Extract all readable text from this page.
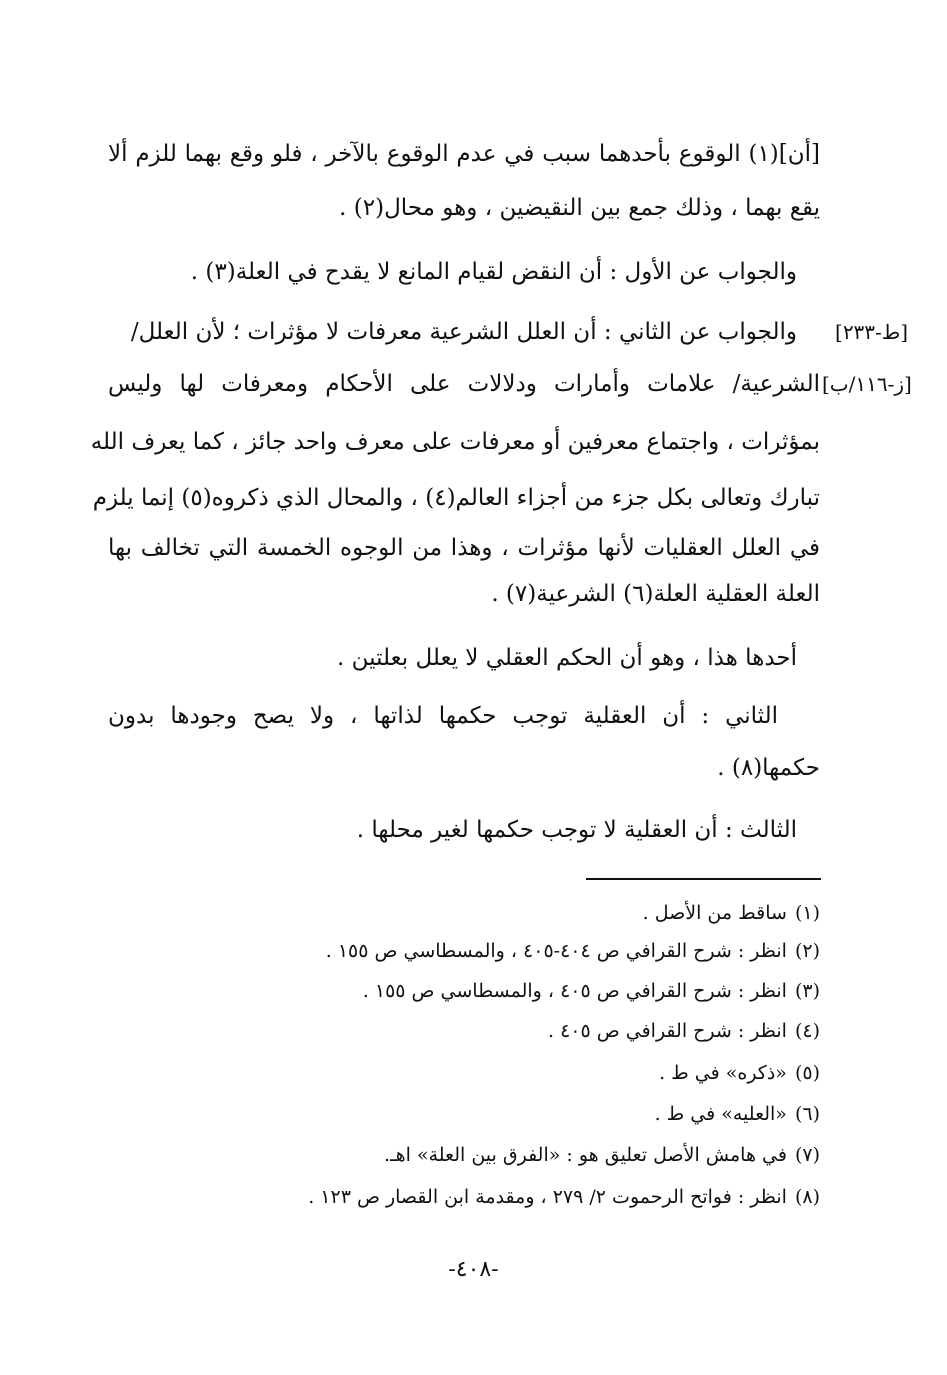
[أن](١) الوقوع بأحدهما سبب في عدم الوقوع بالآخر ، فلو وقع بهما للزم ألا
يقع بهما ، وذلك جمع بين النقيضين ، وهو محال(٢) .
والجواب عن الأول : أن النقض لقيام المانع لا يقدح في العلة(٣) .
[ط-٢٣٣]
والجواب عن الثاني : أن العلل الشرعية معرفات لا مؤثرات ؛ لأن العلل/
[ز-١١٦/ب]
الشرعية/ علامات وأمارات ودلالات على الأحكام ومعرفات لها وليس
بمؤثرات ، واجتماع معرفين أو معرفات على معرف واحد جائز ، كما يعرف الله
تبارك وتعالى بكل جزء من أجزاء العالم(٤) ، والمحال الذي ذكروه(٥) إنما يلزم
في العلل العقليات لأنها مؤثرات ، وهذا من الوجوه الخمسة التي تخالف بها
العلة العقلية العلة(٦) الشرعية(٧) .
أحدها هذا ، وهو أن الحكم العقلي لا يعلل بعلتين .
الثاني : أن العقلية توجب حكمها لذاتها ، ولا يصح وجودها بدون
حكمها(٨) .
الثالث : أن العقلية لا توجب حكمها لغير محلها .
(١)ساقط من الأصل .
(٢)انظر : شرح القرافي ص ٤٠٤-٤٠٥ ، والمسطاسي ص ١٥٥ .
(٣)انظر : شرح القرافي ص ٤٠٥ ، والمسطاسي ص ١٥٥ .
(٤)انظر : شرح القرافي ص ٤٠٥ .
(٥)«ذكره» في ط .
(٦)«العليه» في ط .
(٧)في هامش الأصل تعليق هو : «الفرق بين العلة» اهـ.
(٨)انظر : فواتح الرحموت ٢/ ٢٧٩ ، ومقدمة ابن القصار ص ١٢٣ .
-٤٠٨-
